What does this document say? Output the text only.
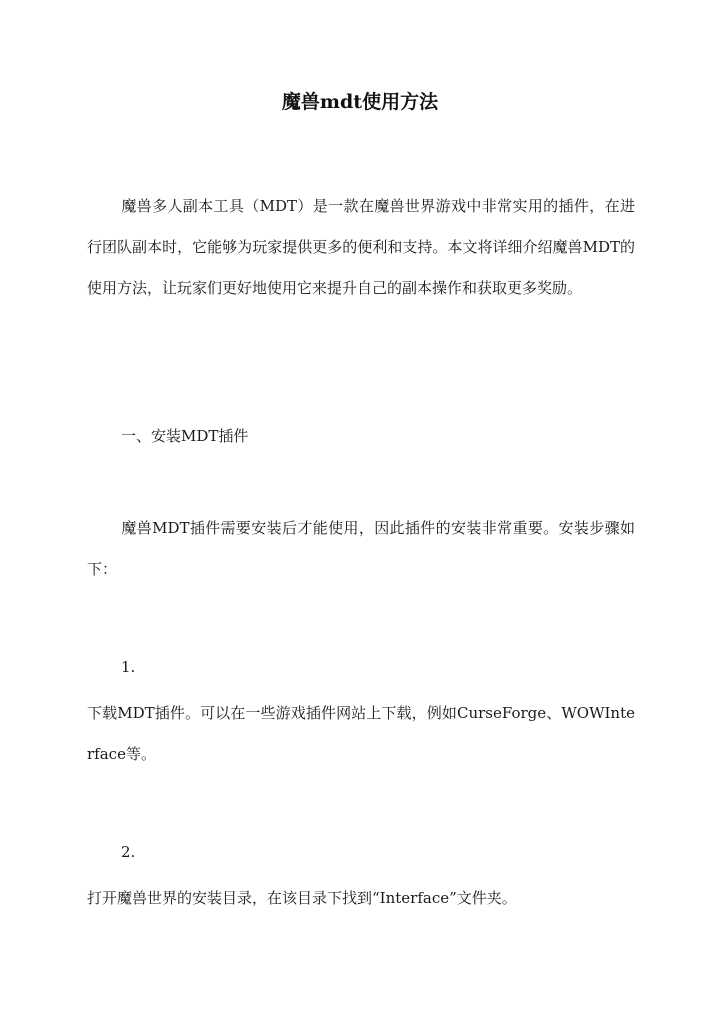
魔兽mdt使用方法
魔兽多人副本工具（MDT）是一款在魔兽世界游戏中非常实用的插件，在进行团队副本时，它能够为玩家提供更多的便利和支持。本文将详细介绍魔兽MDT的使用方法，让玩家们更好地使用它来提升自己的副本操作和获取更多奖励。
一、安装MDT插件
魔兽MDT插件需要安装后才能使用，因此插件的安装非常重要。安装步骤如下：
1.
下载MDT插件。可以在一些游戏插件网站上下载，例如CurseForge、WOWInterface等。
2.
打开魔兽世界的安装目录，在该目录下找到“Interface”文件夹。
